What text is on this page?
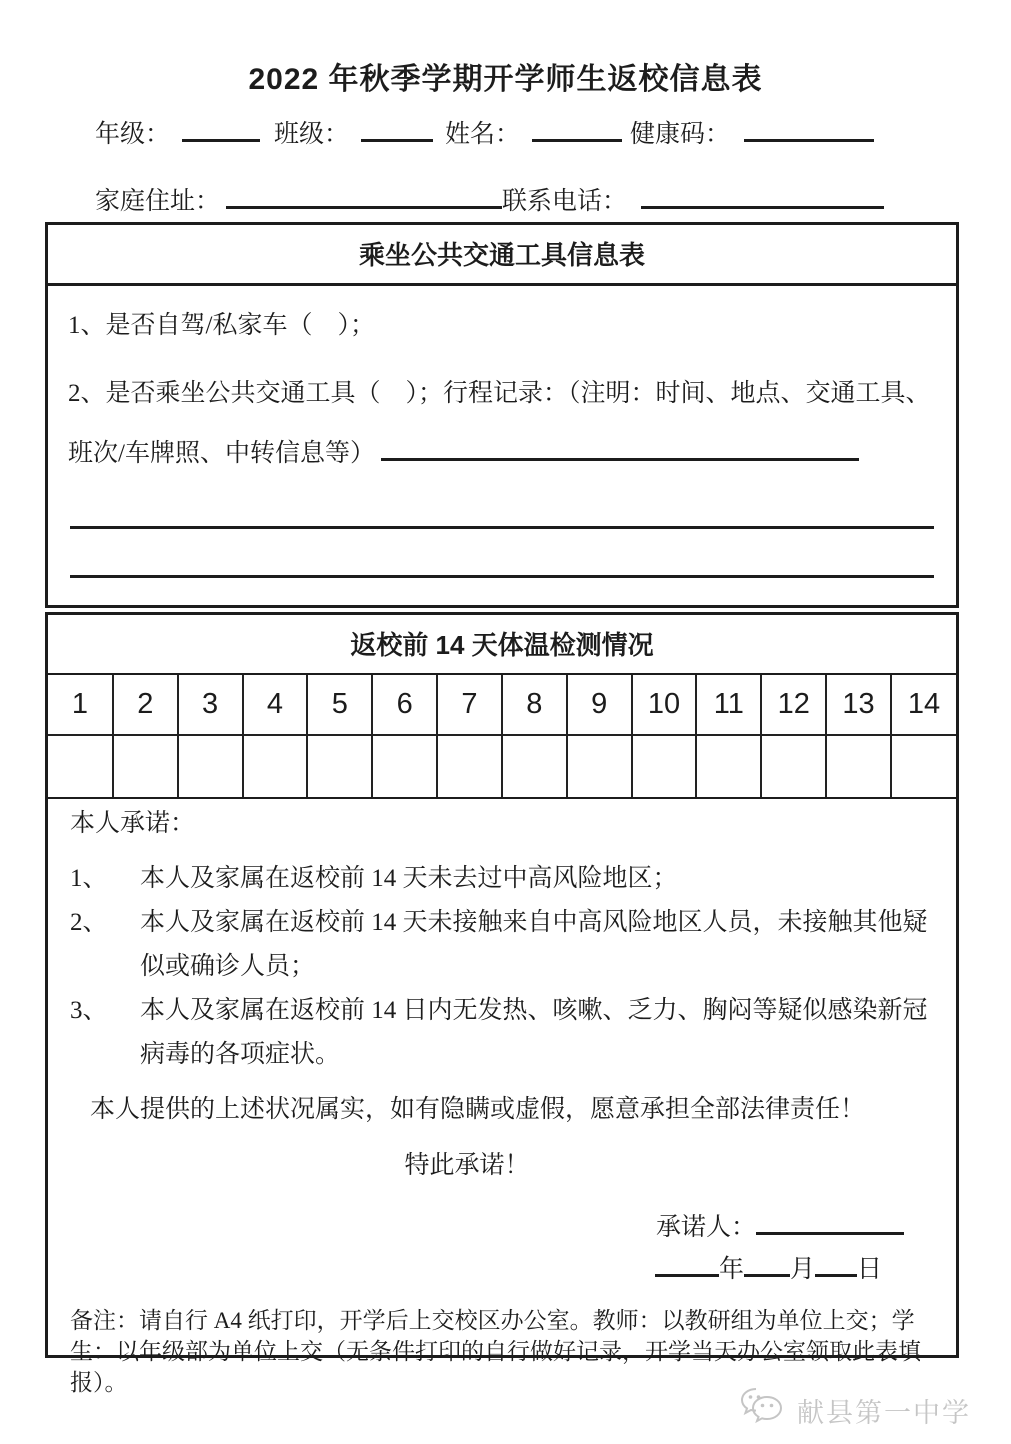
2022 年秋季学期开学师生返校信息表
年级：	班级：	姓名：	健康码：
家庭住址：	联系电话：
乘坐公共交通工具信息表

1、是否自驾/私家车（　）；

2、是否乘坐公共交通工具（　）；行程记录：（注明：时间、地点、交通工具、班次/车牌照、中转信息等）

返校前 14 天体温检测情况
1	2	3	4	5	6	7	8	9	10	11	12	13	14

本人承诺：

1、	本人及家属在返校前 14 天未去过中高风险地区；
2、	本人及家属在返校前 14 天未接触来自中高风险地区人员，未接触其他疑似或确诊人员；
3、	本人及家属在返校前 14 日内无发热、咳嗽、乏力、胸闷等疑似感染新冠病毒的各项症状。

本人提供的上述状况属实，如有隐瞒或虚假，愿意承担全部法律责任！

特此承诺！

承诺人：
年 月 日

备注：请自行 A4 纸打印，开学后上交校区办公室。教师：以教研组为单位上交；学生：以年级部为单位上交（无条件打印的自行做好记录，开学当天办公室领取此表填报）。

献县第一中学
